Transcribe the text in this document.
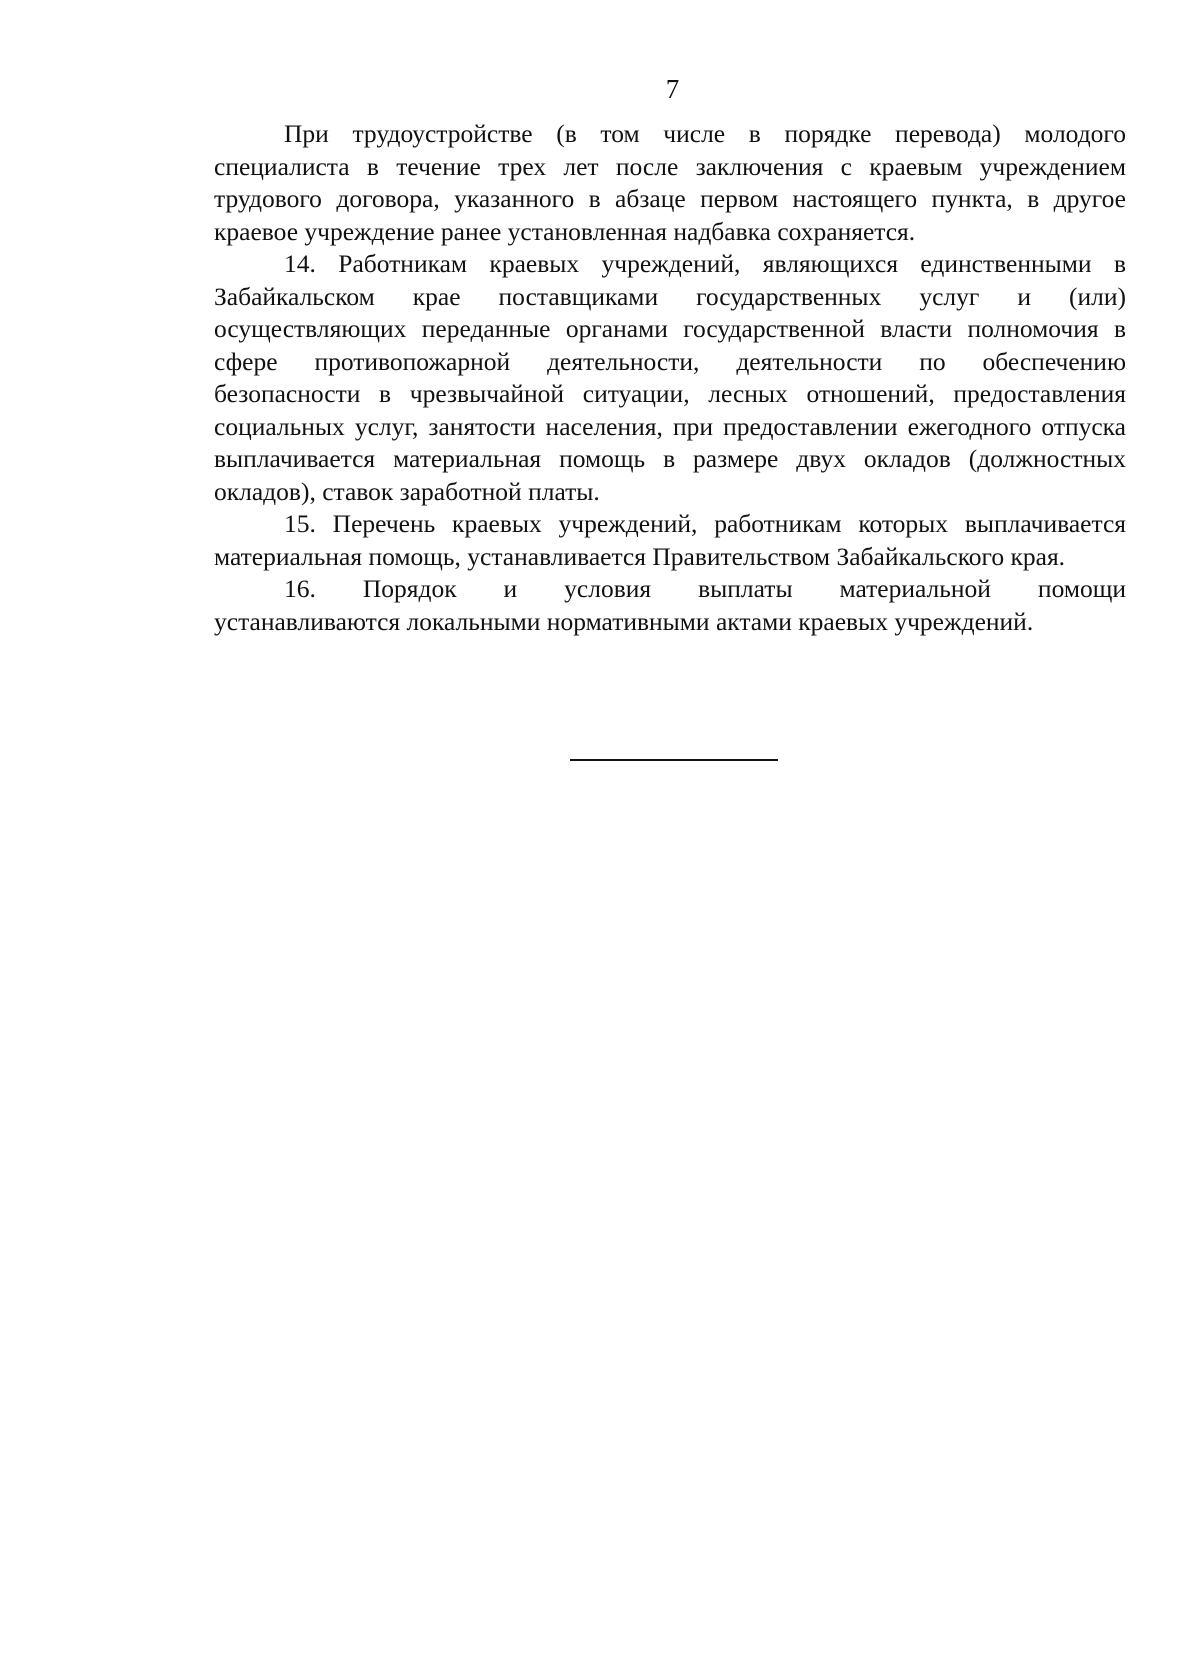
7

При трудоустройстве (в том числе в порядке перевода) молодого специалиста в течение трех лет после заключения с краевым учреждением трудового договора, указанного в абзаце первом настоящего пункта, в другое краевое учреждение ранее установленная надбавка сохраняется.

14. Работникам краевых учреждений, являющихся единственными в Забайкальском крае поставщиками государственных услуг и (или) осуществляющих переданные органами государственной власти полномочия в сфере противопожарной деятельности, деятельности по обеспечению безопасности в чрезвычайной ситуации, лесных отношений, предоставления социальных услуг, занятости населения, при предоставлении ежегодного отпуска выплачивается материальная помощь в размере двух окладов (должностных окладов), ставок заработной платы.

15. Перечень краевых учреждений, работникам которых выплачивается материальная помощь, устанавливается Правительством Забайкальского края.

16. Порядок и условия выплаты материальной помощи
устанавливаются локальными нормативными актами краевых учреждений.
